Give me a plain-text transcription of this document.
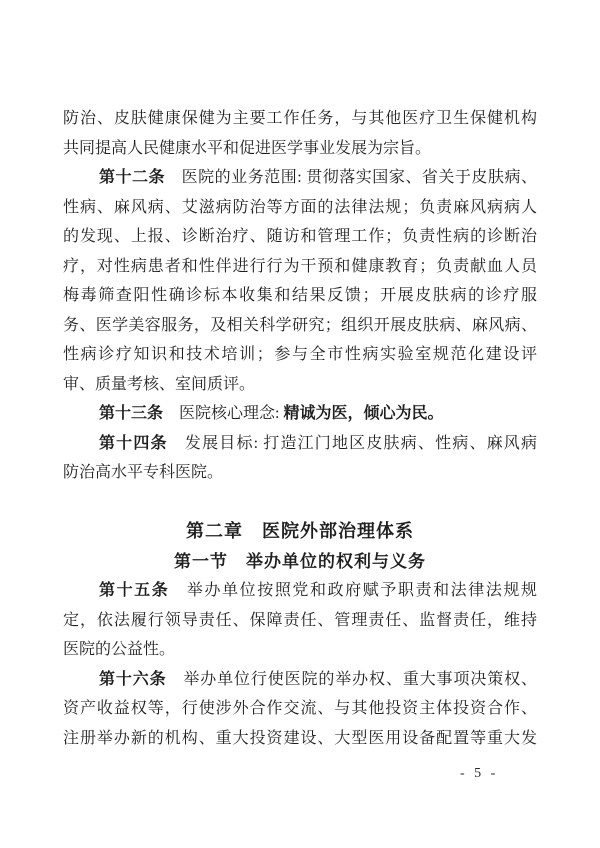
防治、皮肤健康保健为主要工作任务，与其他医疗卫生保健机构
共同提高人民健康水平和促进医学事业发展为宗旨。
第十二条　医院的业务范围: 贯彻落实国家、省关于皮肤病、
性病、麻风病、艾滋病防治等方面的法律法规；负责麻风病病人
的发现、上报、诊断治疗、随访和管理工作；负责性病的诊断治
疗，对性病患者和性伴进行行为干预和健康教育；负责献血人员
梅毒筛查阳性确诊标本收集和结果反馈；开展皮肤病的诊疗服
务、医学美容服务，及相关科学研究；组织开展皮肤病、麻风病、
性病诊疗知识和技术培训；参与全市性病实验室规范化建设评
审、质量考核、室间质评。
第十三条　医院核心理念: 精诚为医，倾心为民。
第十四条　发展目标: 打造江门地区皮肤病、性病、麻风病
防治高水平专科医院。
第二章　医院外部治理体系
第一节　举办单位的权利与义务
第十五条　举办单位按照党和政府赋予职责和法律法规规
定，依法履行领导责任、保障责任、管理责任、监督责任，维持
医院的公益性。
第十六条　举办单位行使医院的举办权、重大事项决策权、
资产收益权等，行使涉外合作交流、与其他投资主体投资合作、
注册举办新的机构、重大投资建设、大型医用设备配置等重大发
- 5 -
